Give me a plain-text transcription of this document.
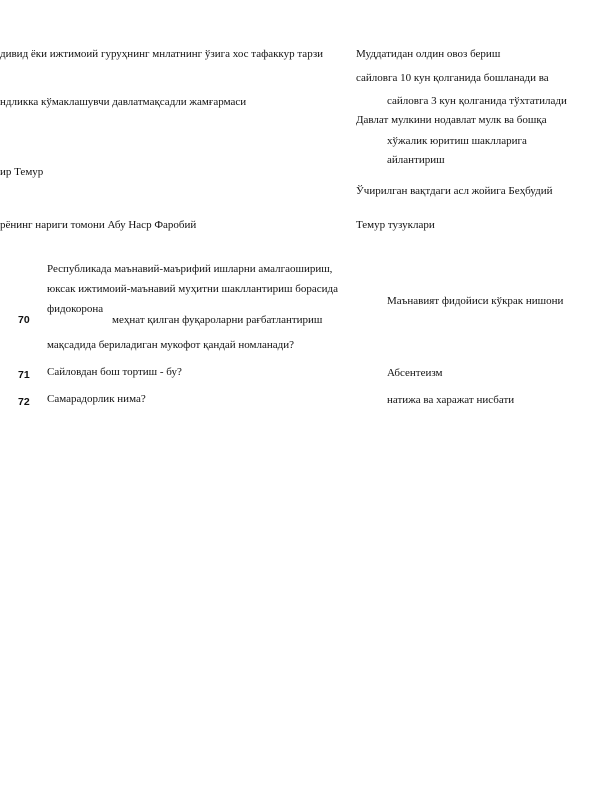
дивид ёки ижтимоий гуруҳнинг мнлатнинг ўзига хос тафаккур тарзи
ндликка кўмаклашувчи давлатмақсадли жамғармаси
ир Темур
рёнинг нариги томони Абу Наср Фаробий
Муддатидан олдин овоз бериш
сайловга 10 кун қолганида бошланади ва
сайловга 3 кун қолганида тўхтатилади
Давлат мулкини нодавлат мулк ва бошқа
хўжалик юритиш шаклларига
айлантириш
Ўчирилган вақтдаги асл жойига Беҳбудий
Темур тузуклари
70
Республикада маънавий-маърифий ишларни амалгаошириш,
юксак ижтимоий-маънавий муҳитни шакллантириш борасида
фидокорона
меҳнат қилган фуқароларни рағбатлантириш
мақсадида бериладиган мукофот қандай номланади?
Маънавият фидойиси кўкрак нишони
71 Сайловдан бош тортиш - бу?	Абсентеизм
72 Самарадорлик нима?	натижа ва харажат нисбати
